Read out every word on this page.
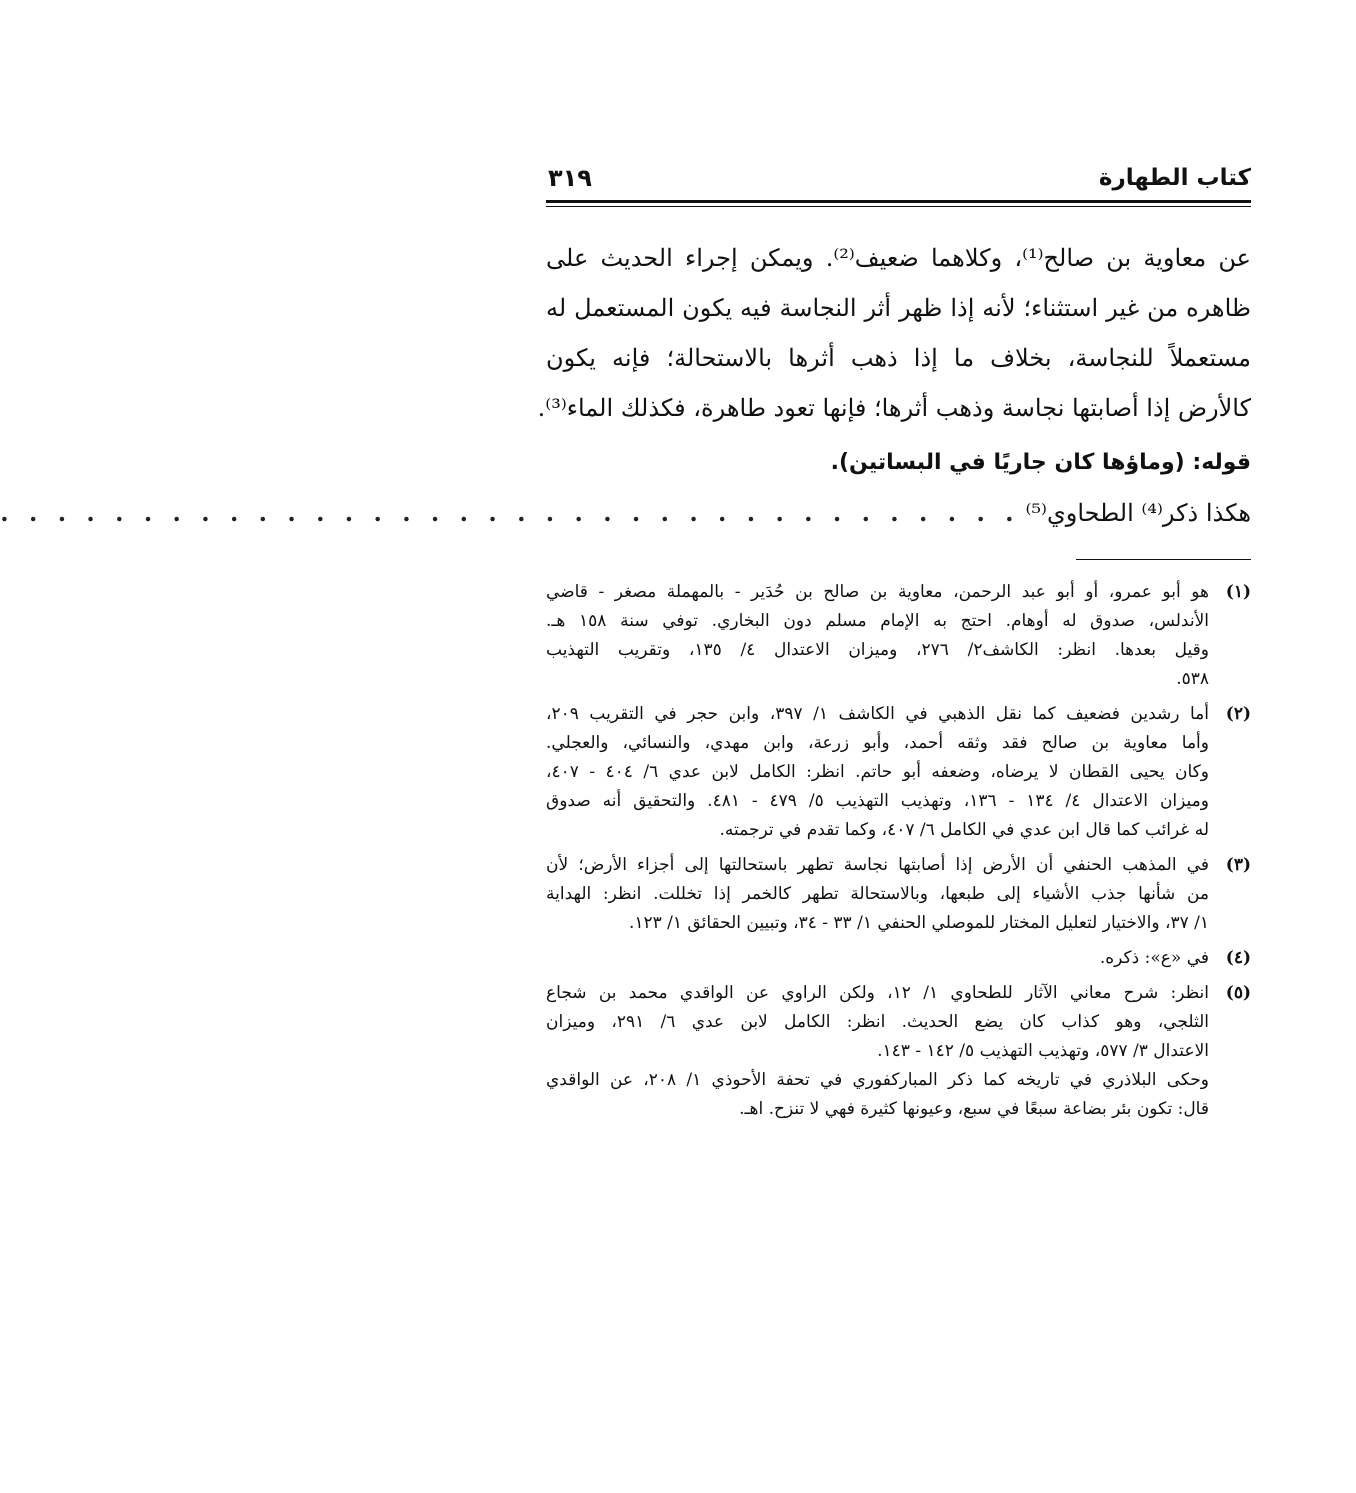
كتاب الطهارة
٣١٩
عن معاوية بن صالح⁽¹⁾، وكلاهما ضعيف⁽²⁾. ويمكن إجراء الحديث على
ظاهره من غير استثناء؛ لأنه إذا ظهر أثر النجاسة فيه يكون المستعمل له
مستعملاً للنجاسة، بخلاف ما إذا ذهب أثرها بالاستحالة؛ فإنه يكون
كالأرض إذا أصابتها نجاسة وذهب أثرها؛ فإنها تعود طاهرة، فكذلك الماء⁽³⁾.
قوله: (وماؤها كان جاريًا في البساتين).
هكذا ذكر⁽⁴⁾ الطحاوي⁽⁵⁾
. . . . . . . . . . . . . . . . . . . . . . . . . . . . . . . . . . . .
(١)
هو أبو عمرو، أو أبو عبد الرحمن، معاوية بن صالح بن حُدَير - بالمهملة مصغر - قاضي
الأندلس، صدوق له أوهام. احتج به الإمام مسلم دون البخاري. توفي سنة ١٥٨ هـ.
وقيل بعدها. انظر: الكاشف٢/ ٢٧٦، وميزان الاعتدال ٤/ ١٣٥، وتقريب التهذيب
٥٣٨.
(٢)
أما رشدين فضعيف كما نقل الذهبي في الكاشف ١/ ٣٩٧، وابن حجر في التقريب ٢٠٩،
وأما معاوية بن صالح فقد وثقه أحمد، وأبو زرعة، وابن مهدي، والنسائي، والعجلي.
وكان يحيى القطان لا يرضاه، وضعفه أبو حاتم. انظر: الكامل لابن عدي ٦/ ٤٠٤ - ٤٠٧،
وميزان الاعتدال ٤/ ١٣٤ - ١٣٦، وتهذيب التهذيب ٥/ ٤٧٩ - ٤٨١. والتحقيق أنه صدوق
له غرائب كما قال ابن عدي في الكامل ٦/ ٤٠٧، وكما تقدم في ترجمته.
(٣)
في المذهب الحنفي أن الأرض إذا أصابتها نجاسة تطهر باستحالتها إلى أجزاء الأرض؛ لأن
من شأنها جذب الأشياء إلى طبعها، وبالاستحالة تطهر كالخمر إذا تخللت. انظر: الهداية
١/ ٣٧، والاختيار لتعليل المختار للموصلي الحنفي ١/ ٣٣ - ٣٤، وتبيين الحقائق ١/ ١٢٣.
(٤)
في «ع»: ذكره.
(٥)
انظر: شرح معاني الآثار للطحاوي ١/ ١٢، ولكن الراوي عن الواقدي محمد بن شجاع
الثلجي، وهو كذاب كان يضع الحديث. انظر: الكامل لابن عدي ٦/ ٢٩١، وميزان
الاعتدال ٣/ ٥٧٧، وتهذيب التهذيب ٥/ ١٤٢ - ١٤٣.
وحكى البلاذري في تاريخه كما ذكر المباركفوري في تحفة الأحوذي ١/ ٢٠٨، عن الواقدي
قال: تكون بئر بضاعة سبعًا في سبع، وعيونها كثيرة فهي لا تنزح. اهـ.
